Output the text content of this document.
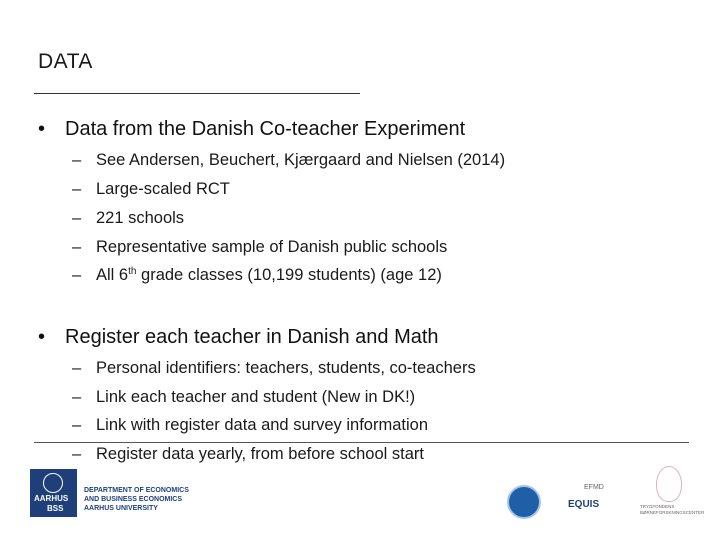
DATA
• Data from the Danish Co-teacher Experiment
– See Andersen, Beuchert, Kjærgaard and Nielsen (2014)
– Large-scaled RCT
– 221 schools
– Representative sample of Danish public schools
– All 6th grade classes (10,199 students) (age 12)
• Register each teacher in Danish and Math
– Personal identifiers: teachers, students, co-teachers
– Link each teacher and student (New in DK!)
– Link with register data and survey information
– Register data yearly, from before school start
AARHUS
BSS
DEPARTMENT OF ECONOMICS
AND BUSINESS ECONOMICS
AARHUS UNIVERSITY
EFMD
EQUIS	TRYGFONDENS
BØRNEFORSKNINGSCENTER
